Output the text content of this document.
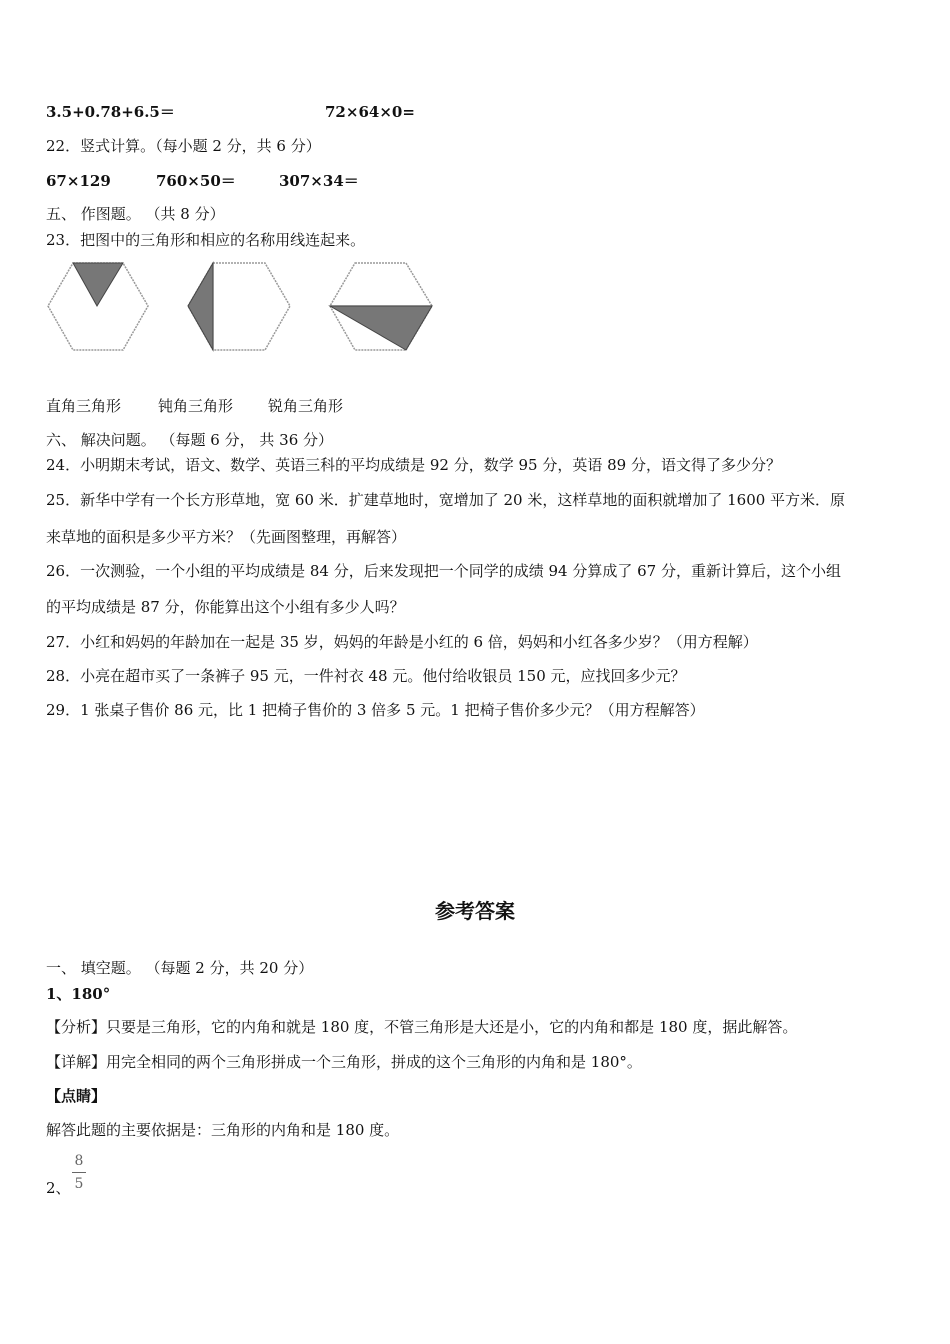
3.5+0.78+6.5＝	72×64×0=
22．竖式计算。（每小题 2 分，共 6 分）
67×129	760×50＝	307×34＝
五、 作图题。 （共 8 分）
23．把图中的三角形和相应的名称用线连起来。
直角三角形 钝角三角形 锐角三角形
六、 解决问题。 （每题 6 分， 共 36 分）
24．小明期末考试，语文、数学、英语三科的平均成绩是 92 分，数学 95 分，英语 89 分，语文得了多少分？
25．新华中学有一个长方形草地，宽 60 米．扩建草地时，宽增加了 20 米，这样草地的面积就增加了 1600 平方米．原
来草地的面积是多少平方米？（先画图整理，再解答）
26．一次测验，一个小组的平均成绩是 84 分，后来发现把一个同学的成绩 94 分算成了 67 分，重新计算后，这个小组
的平均成绩是 87 分，你能算出这个小组有多少人吗？
27．小红和妈妈的年龄加在一起是 35 岁，妈妈的年龄是小红的 6 倍，妈妈和小红各多少岁？（用方程解）
28．小亮在超市买了一条裤子 95 元，一件衬衣 48 元。他付给收银员 150 元，应找回多少元？
29．1 张桌子售价 86 元，比 1 把椅子售价的 3 倍多 5 元。1 把椅子售价多少元？（用方程解答）
参考答案
一、 填空题。 （每题 2 分，共 20 分）
1、180°
【分析】只要是三角形，它的内角和就是 180 度，不管三角形是大还是小，它的内角和都是 180 度，据此解答。
【详解】用完全相同的两个三角形拼成一个三角形，拼成的这个三角形的内角和是 180°。
【点睛】
解答此题的主要依据是：三角形的内角和是 180 度。
2、
8
5
